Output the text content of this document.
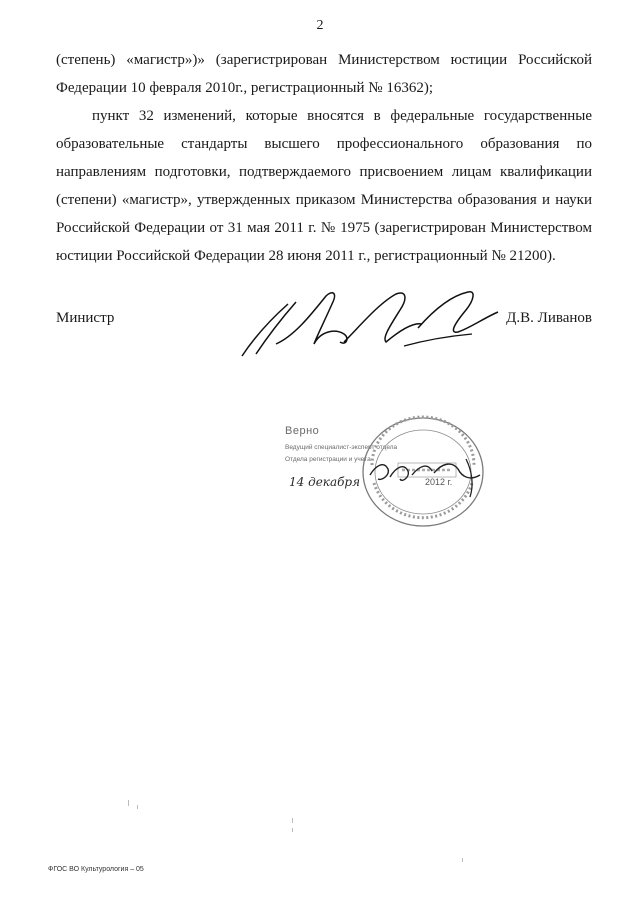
2

(степень) «магистр»)» (зарегистрирован Министерством юстиции Российской Федерации 10 февраля 2010г., регистрационный № 16362);

пункт 32 изменений, которые вносятся в федеральные государственные образовательные стандарты высшего профессионального образования по направлениям подготовки, подтверждаемого присвоением лицам квалификации (степени) «магистр», утвержденных приказом Министерства образования и науки Российской Федерации от 31 мая 2011 г. № 1975 (зарегистрирован Министерством юстиции Российской Федерации 28 июня 2011 г., регистрационный № 21200).

Министр	Д.В. Ливанов
Верно
Ведущий специалист-эксперт отдела
Отдела регистрации и учета
14 декабря	2012 г.
ФГОС ВО Культурология – 05
